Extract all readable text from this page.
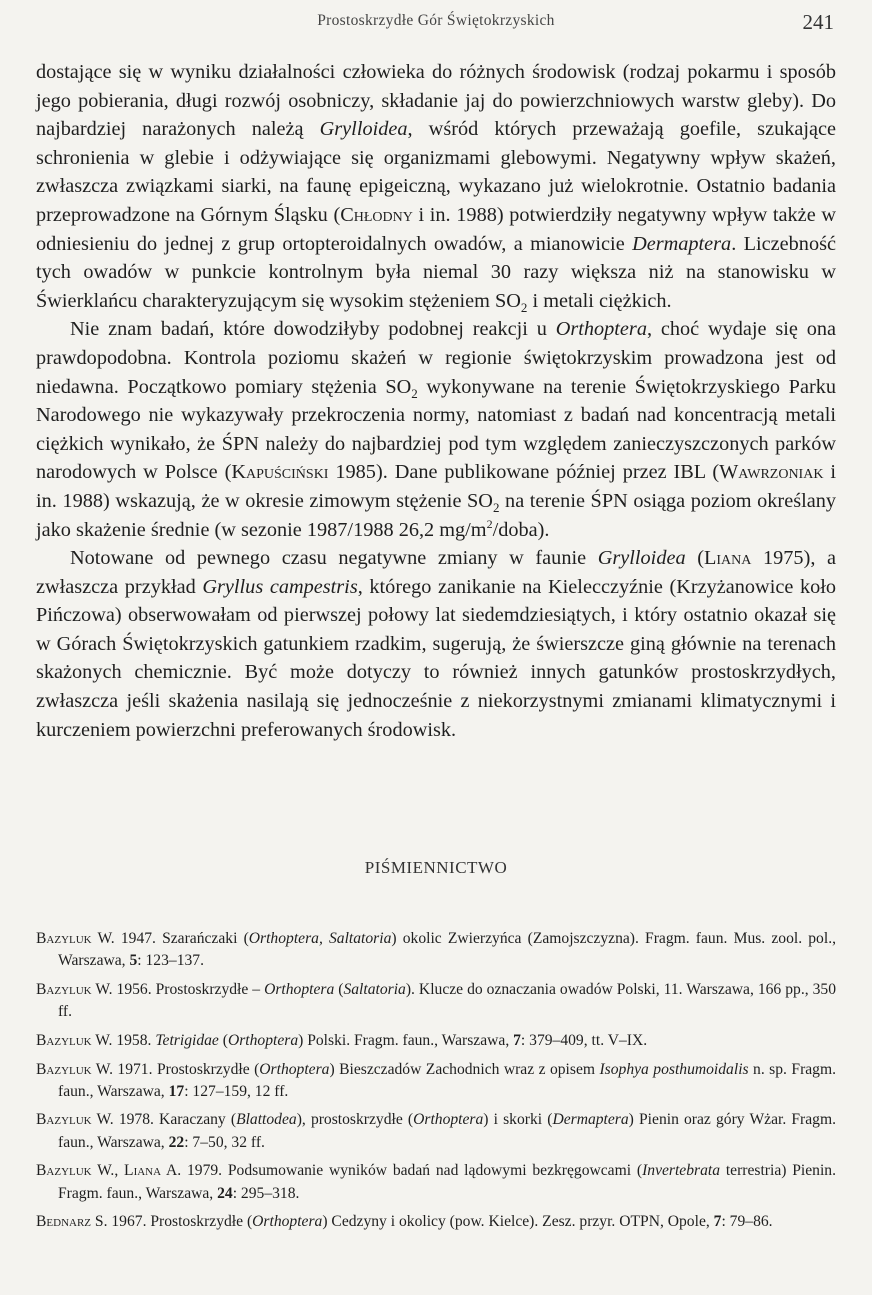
Prostoskrzydłe Gór Świętokrzyskich	241

dostające się w wyniku działalności człowieka do różnych środowisk (rodzaj pokarmu i sposób jego pobierania, długi rozwój osobniczy, składanie jaj do powierzchniowych warstw gleby). Do najbardziej narażonych należą Grylloidea, wśród których przeważają goefile, szukające schronienia w glebie i odżywiające się organizmami glebowymi. Negatywny wpływ skażeń, zwłaszcza związkami siarki, na faunę epigeiczną, wykazano już wielokrotnie. Ostatnio badania przeprowadzone na Górnym Śląsku (Chłodny i in. 1988) potwierdziły negatywny wpływ także w odniesieniu do jednej z grup ortopteroidalnych owadów, a mianowicie Dermaptera. Liczebność tych owadów w punkcie kontrolnym była niemal 30 razy większa niż na stanowisku w Świerklańcu charakteryzującym się wysokim stężeniem $SO_2$ i metali ciężkich.

Nie znam badań, które dowodziłyby podobnej reakcji u Orthoptera, choć wydaje się ona prawdopodobna. Kontrola poziomu skażeń w regionie świętokrzyskim prowadzona jest od niedawna. Początkowo pomiary stężenia $SO_2$ wykonywane na terenie Świętokrzyskiego Parku Narodowego nie wykazywały przekroczenia normy, natomiast z badań nad koncentracją metali ciężkich wynikało, że ŚPN należy do najbardziej pod tym względem zanieczyszczonych parków narodowych w Polsce (Kapuściński 1985). Dane publikowane później przez IBL (Wawrzoniak i in. 1988) wskazują, że w okresie zimowym stężenie $SO_2$ na terenie ŚPN osiąga poziom określany jako skażenie średnie (w sezonie 1987/1988 26,2 $mg/m^2/doba$).

Notowane od pewnego czasu negatywne zmiany w faunie Grylloidea (Liana 1975), a zwłaszcza przykład Gryllus campestris, którego zanikanie na Kielecczyźnie (Krzyżanowice koło Pińczowa) obserwowałam od pierwszej połowy lat siedemdziesiątych, i który ostatnio okazał się w Górach Świętokrzyskich gatunkiem rzadkim, sugerują, że świerszcze giną głównie na terenach skażonych chemicznie. Być może dotyczy to również innych gatunków prostoskrzydłych, zwłaszcza jeśli skażenia nasilają się jednocześnie z niekorzystnymi zmianami klimatycznymi i kurczeniem powierzchni preferowanych środowisk.

PIŚMIENNICTWO

Bazyluk W. 1947. Szarańczaki (Orthoptera, Saltatoria) okolic Zwierzyńca (Zamojszczyzna). Fragm. faun. Mus. zool. pol., Warszawa, 5: 123–137.

Bazyluk W. 1956. Prostoskrzydłe – Orthoptera (Saltatoria). Klucze do oznaczania owadów Polski, 11. Warszawa, 166 pp., 350 ff.

Bazyluk W. 1958. Tetrigidae (Orthoptera) Polski. Fragm. faun., Warszawa, 7: 379–409, tt. V–IX.

Bazyluk W. 1971. Prostoskrzydłe (Orthoptera) Bieszczadów Zachodnich wraz z opisem Isophya posthumoidalis n. sp. Fragm. faun., Warszawa, 17: 127–159, 12 ff.

Bazyluk W. 1978. Karaczany (Blattodea), prostoskrzydłe (Orthoptera) i skorki (Dermaptera) Pienin oraz góry Wżar. Fragm. faun., Warszawa, 22: 7–50, 32 ff.

Bazyluk W., Liana A. 1979. Podsumowanie wyników badań nad lądowymi bezkręgowcami (Invertebrata terrestria) Pienin. Fragm. faun., Warszawa, 24: 295–318.

Bednarz S. 1967. Prostoskrzydłe (Orthoptera) Cedzyny i okolicy (pow. Kielce). Zesz. przyr. OTPN, Opole, 7: 79–86.
